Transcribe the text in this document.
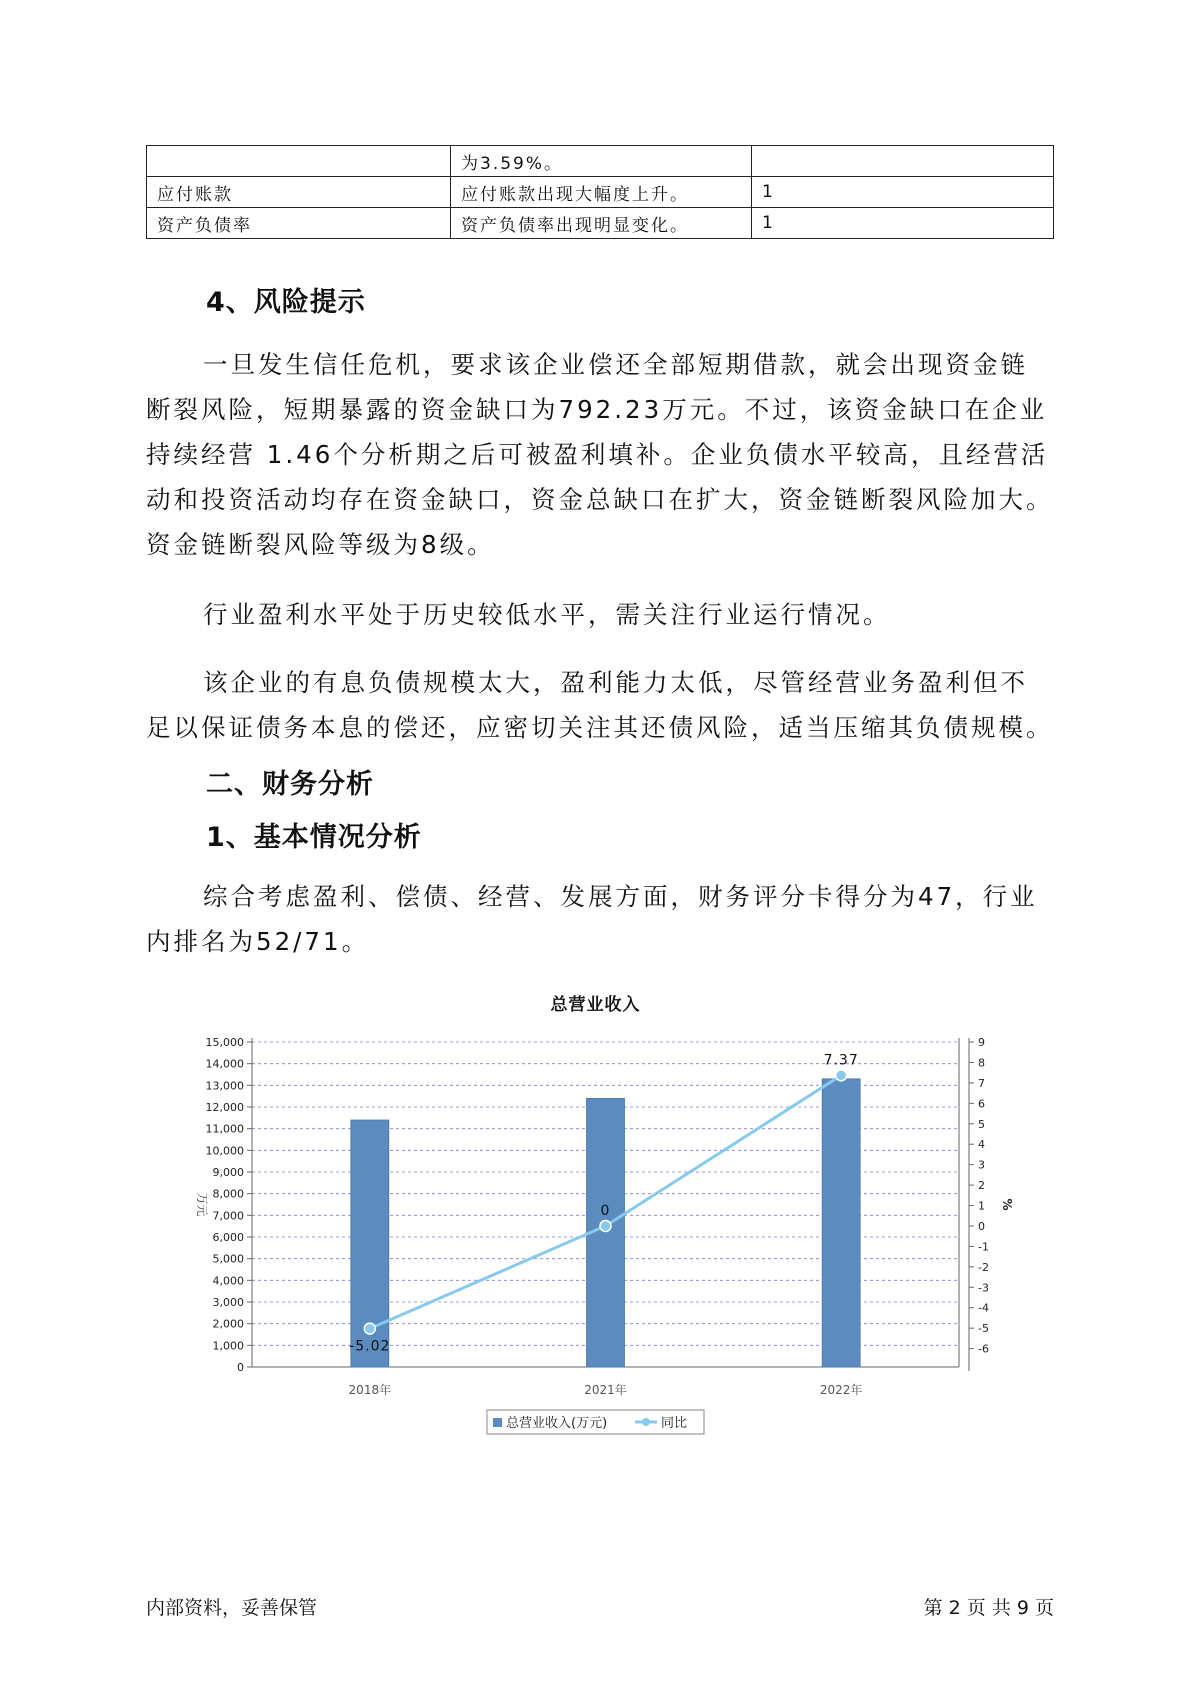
	为3.59%。	
应付账款	应付账款出现大幅度上升。	1
资产负债率	资产负债率出现明显变化。	1
4、风险提示

一旦发生信任危机，要求该企业偿还全部短期借款，就会出现资金链断裂风险，短期暴露的资金缺口为792.23万元。不过，该资金缺口在企业持续经营 1.46个分析期之后可被盈利填补。企业负债水平较高，且经营活动和投资活动均存在资金缺口，资金总缺口在扩大，资金链断裂风险加大。资金链断裂风险等级为8级。

行业盈利水平处于历史较低水平，需关注行业运行情况。

该企业的有息负债规模太大，盈利能力太低，尽管经营业务盈利但不足以保证债务本息的偿还，应密切关注其还债风险，适当压缩其负债规模。

二、财务分析
1、基本情况分析

综合考虑盈利、偿债、经营、发展方面，财务评分卡得分为47，行业内排名为52/71。

总营业收入
0
1,000
2,000
3,000
4,000
5,000
6,000
7,000
8,000
9,000
10,000
11,000
12,000
13,000
14,000
15,000
-6
-5
-4
-3
-2
-1
0
1
2
3
4
5
6
7
8
9
万元	%
2018年	2021年	2022年
-5.02
0
7.37
总营业收入(万元)	同比
内部资料，妥善保管	第 2 页 共 9 页
